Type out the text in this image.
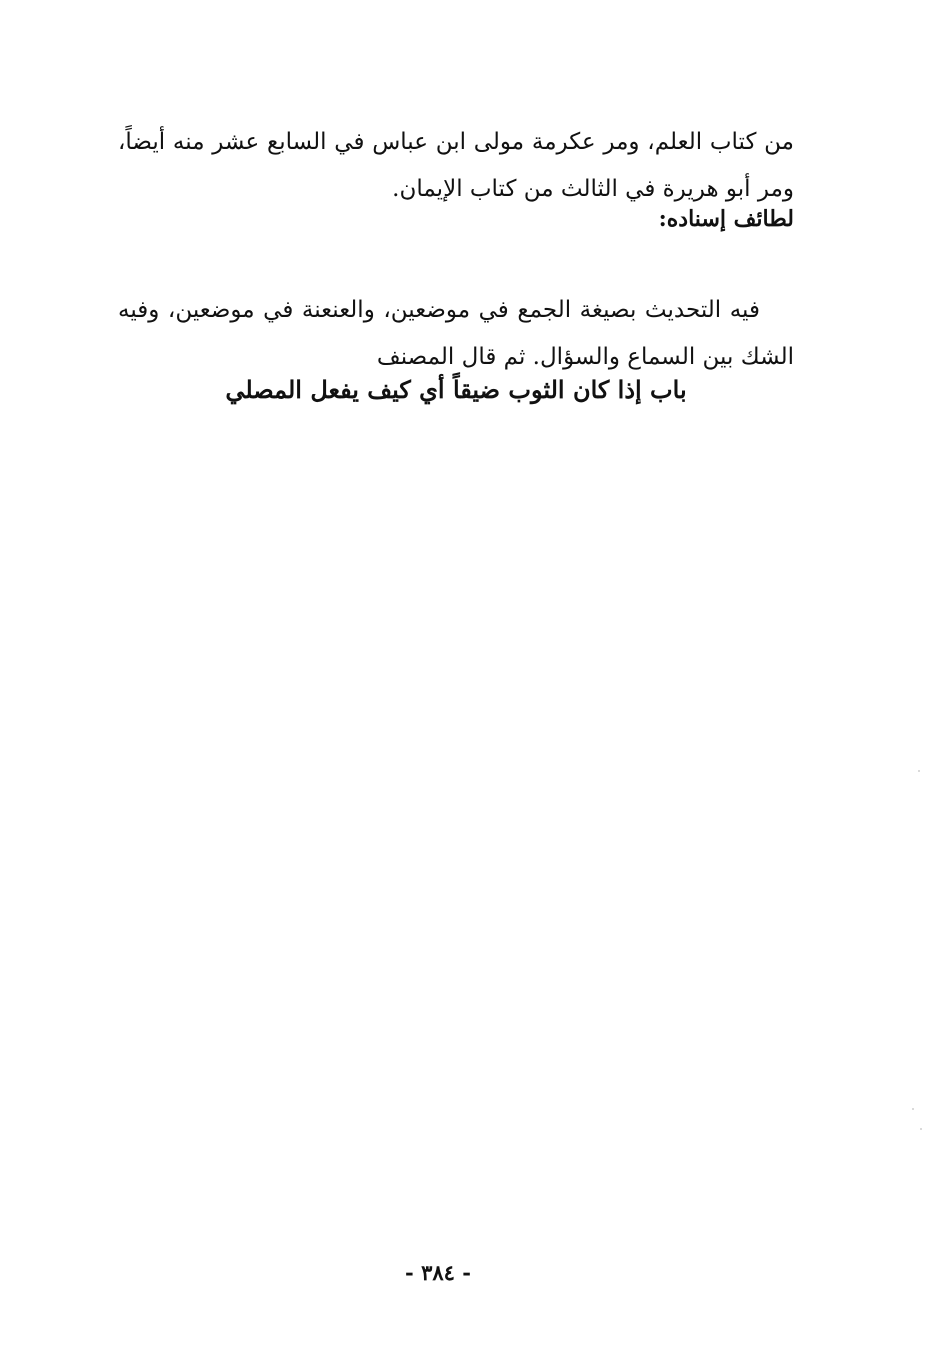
من كتاب العلم، ومر عكرمة مولى ابن عباس في السابع عشر منه أيضاً، ومر أبو هريرة في الثالث من كتاب الإيمان.

لطائف إسناده:

فيه التحديث بصيغة الجمع في موضعين، والعنعنة في موضعين، وفيه الشك بين السماع والسؤال. ثم قال المصنف

باب إذا كان الثوب ضيقاً أي كيف يفعل المصلي
- ٣٨٤ -
